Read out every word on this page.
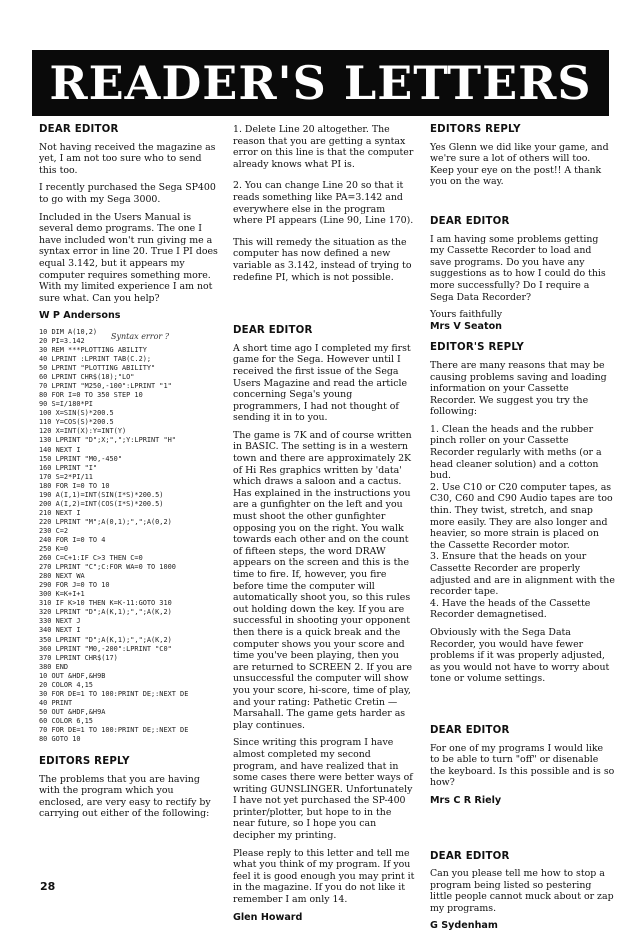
READER'S LETTERS
DEAR EDITOR

Not having received the magazine as yet, I am not too sure who to send this too.

I recently purchased the Sega SP400 to go with my Sega 3000.

Included in the Users Manual is several demo programs. The one I have included won't run giving me a syntax error in line 20. True I PI does equal 3.142, but it appears my computer requires something more. With my limited experience I am not sure what. Can you help?

W P Andersons
10 DIM A(10,2)
20 PI=3.142
30 REM ***PLOTTING ABILITY
40 LPRINT :LPRINT TAB(C.2);
50 LPRINT "PLOTTING ABILITY"
60 LPRINT CHR$(18);"LO"
70 LPRINT "M250,-100":LPRINT "1"
80 FOR I=0 TO 350 STEP 10
90 S=I/180*PI
100 X=SIN(S)*200.5
110 Y=COS(S)*200.5
120 X=INT(X):Y=INT(Y)
130 LPRINT "D";X;",";Y:LPRINT "H"
140 NEXT I
150 LPRINT "M0,-450"
160 LPRINT "I"
170 S=2*PI/11
180 FOR I=0 TO 10
190 A(I,1)=INT(SIN(I*S)*200.5)
200 A(I,2)=INT(COS(I*S)*200.5)
210 NEXT I
220 LPRINT "M";A(0,1);",";A(0,2)
230 C=2
240 FOR I=0 TO 4
250 K=0
260 C=C+1:IF C>3 THEN C=0
270 LPRINT "C";C:FOR WA=0 TO 1000
280 NEXT WA
290 FOR J=0 TO 10
300 K=K+I+1
310 IF K>10 THEN K=K-11:GOTO 310
320 LPRINT "D";A(K,1);",";A(K,2)
330 NEXT J
340 NEXT I
350 LPRINT "D";A(K,1);",";A(K,2)
360 LPRINT "M0,-200":LPRINT "C0"
370 LPRINT CHR$(17)
380 END
10 OUT &HDF,&H9B
20 COLOR 4,15
30 FOR DE=1 TO 100:PRINT DE;:NEXT DE
40 PRINT
50 OUT &HDF,&H9A
60 COLOR 6,15
70 FOR DE=1 TO 100:PRINT DE;:NEXT DE
80 GOTO 10
Syntax error ?
EDITORS REPLY

The problems that you are having with the program which you enclosed, are very easy to rectify by carrying out either of the following:

1. Delete Line 20 altogether. The reason that you are getting a syntax error on this line is that the computer already knows what PI is.

2. You can change Line 20 so that it reads something like PA=3.142 and everywhere else in the program where PI appears (Line 90, Line 170).

This will remedy the situation as the computer has now defined a new variable as 3.142, instead of trying to redefine PI, which is not possible.

DEAR EDITOR

A short time ago I completed my first game for the Sega. However until I received the first issue of the Sega Users Magazine and read the article concerning Sega's young programmers, I had not thought of sending it in to you.

The game is 7K and of course written in BASIC. The setting is in a western town and there are approximately 2K of Hi Res graphics written by 'data' which draws a saloon and a cactus. Has explained in the instructions you are a gunfighter on the left and you must shoot the other gunfighter opposing you on the right. You walk towards each other and on the count of fifteen steps, the word DRAW appears on the screen and this is the time to fire. If, however, you fire before time the computer will automatically shoot you, so this rules out holding down the key. If you are successful in shooting your opponent then there is a quick break and the computer shows you your score and time you've been playing, then you are returned to SCREEN 2. If you are unsuccessful the computer will show you your score, hi-score, time of play, and your rating: Pathetic Cretin — Marsahall. The game gets harder as play continues.

Since writing this program I have almost completed my second program, and have realized that in some cases there were better ways of writing GUNSLINGER. Unfortunately I have not yet purchased the SP-400 printer/plotter, but hope to in the near future, so I hope you can decipher my printing.

Please reply to this letter and tell me what you think of my program. If you feel it is good enough you may print it in the magazine. If you do not like it remember I am only 14.

Glen Howard
EDITORS REPLY

Yes Glenn we did like your game, and we're sure a lot of others will too. Keep your eye on the post!! A thank you on the way.

DEAR EDITOR

I am having some problems getting my Cassette Recorder to load and save programs. Do you have any suggestions as to how I could do this more successfully? Do I require a Sega Data Recorder?

Yours faithfully

Mrs V Seaton
EDITOR'S REPLY

There are many reasons that may be causing problems saving and loading information on your Cassette Recorder. We suggest you try the following:

1. Clean the heads and the rubber pinch roller on your Cassette Recorder regularly with meths (or a head cleaner solution) and a cotton bud.

2. Use C10 or C20 computer tapes, as C30, C60 and C90 Audio tapes are too thin. They twist, stretch, and snap more easily. They are also longer and heavier, so more strain is placed on the Cassette Recorder motor.

3. Ensure that the heads on your Cassette Recorder are properly adjusted and are in alignment with the recorder tape.

4. Have the heads of the Cassette Recorder demagnetised.

Obviously with the Sega Data Recorder, you would have fewer problems if it was properly adjusted, as you would not have to worry about tone or volume settings.

DEAR EDITOR

For one of my programs I would like to be able to turn "off" or disenable the keyboard. Is this possible and is so how?

Mrs C R Riely
DEAR EDITOR

Can you please tell me how to stop a program being listed so pestering little people cannot muck about or zap my programs.

G Sydenham
28
